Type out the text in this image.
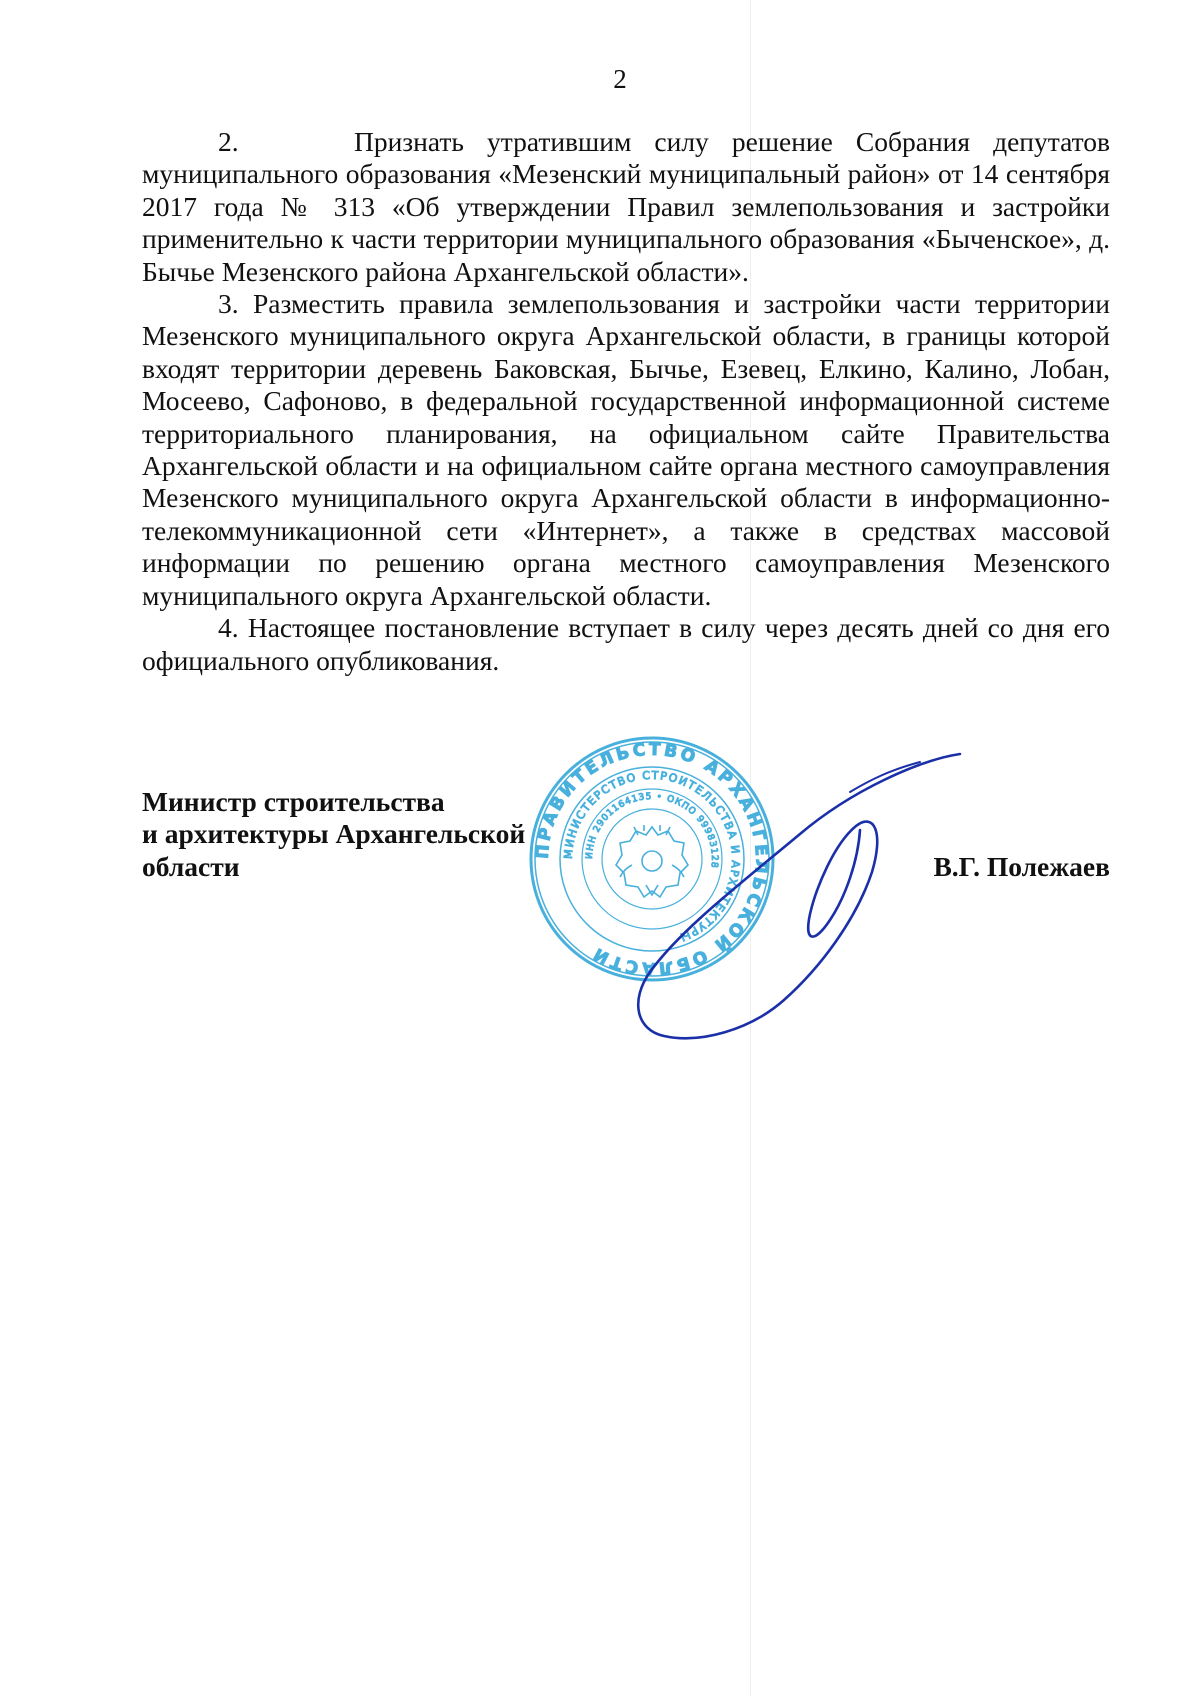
2

2.     Признать утратившим силу решение Собрания депутатов муниципального образования «Мезенский муниципальный район» от 14 сентября 2017 года № 313 «Об утверждении Правил землепользования и застройки применительно к части территории муниципального образования «Быченское», д. Бычье Мезенского района Архангельской области».

3. Разместить правила землепользования и застройки части территории Мезенского муниципального округа Архангельской области, в границы которой входят территории деревень Баковская, Бычье, Езевец, Елкино, Калино, Лобан, Мосеево, Сафоново, в федеральной государственной информационной системе территориального планирования, на официальном сайте Правительства Архангельской области и на официальном сайте органа местного самоуправления Мезенского муниципального округа Архангельской области в информационно-телекоммуникационной сети «Интернет», а также в средствах массовой информации по решению органа местного самоуправления Мезенского муниципального округа Архангельской области.

4. Настоящее постановление вступает в силу через десять дней со дня его официального опубликования.

Министр строительства
и архитектуры Архангельской
области	В.Г. Полежаев
ПРАВИТЕЛЬСТВО АРХАНГЕЛЬСКОЙ ОБЛАСТИ
МИНИСТЕРСТВО СТРОИТЕЛЬСТВА И АРХИТЕКТУРЫ
ИНН 2901164135 • ОКПО 99983128
